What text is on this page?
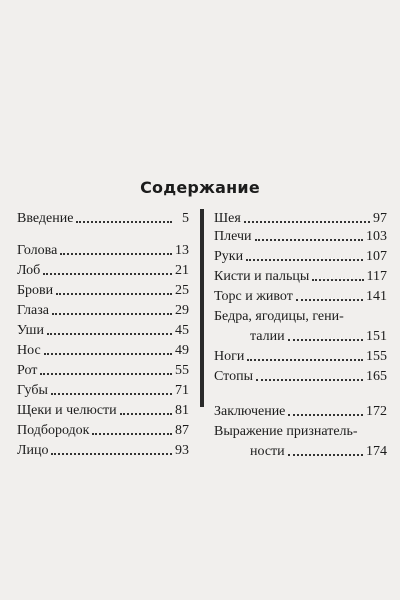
Содержание
Введение	5
Голова	13
Лоб	21
Брови	25
Глаза	29
Уши	45
Нос	49
Рот	55
Губы	71
Щеки и челюсти	81
Подбородок	87
Лицо	93
Шея	97
Плечи	103
Руки	107
Кисти и пальцы	117
Торс и живот	141
Бедра, ягодицы, гени-
талии	151
Ноги	155
Стопы	165
Заключение	172
Выражение признатель-
ности	174
